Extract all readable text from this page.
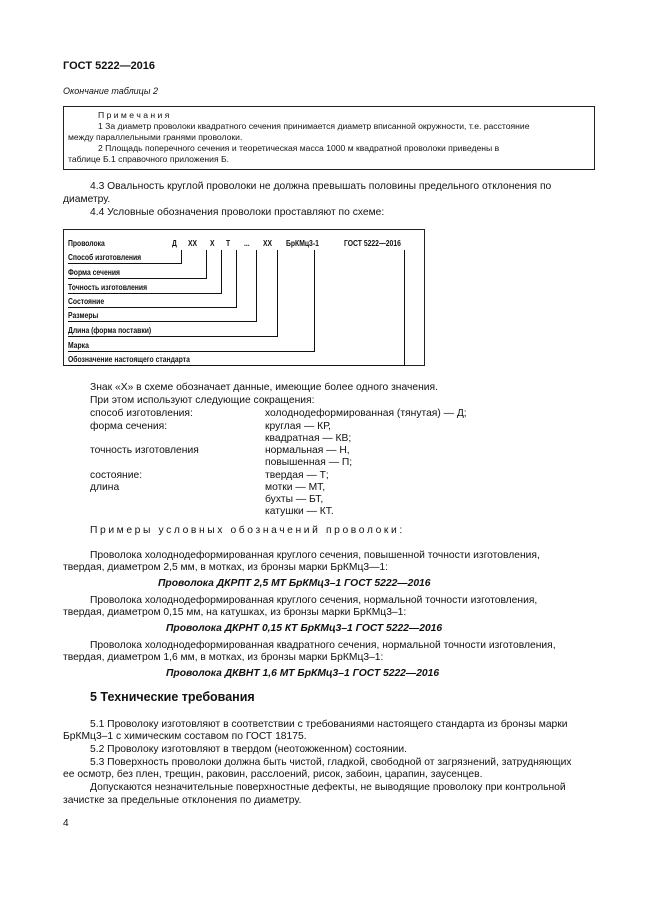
ГОСТ 5222—2016
Окончание таблицы 2
П р и м е ч а н и я
1 За диаметр проволоки квадратного сечения принимается диаметр вписанной окружности, т.е. расстояние
между параллельными гранями проволоки.
2 Площадь поперечного сечения и теоретическая масса 1000 м квадратной проволоки приведены в
таблице Б.1 справочного приложения Б.
4.3 Овальность круглой проволоки не должна превышать половины предельного отклонения по
диаметру.
4.4 Условные обозначения проволоки проставляют по схеме:
Проволока	Д ХХ Х Т ... ХХ БрКМц3-1	ГОСТ 5222—2016
Способ изготовления
Форма сечения
Точность изготовления
Состояние
Размеры
Длина (форма поставки)
Марка
Обозначение настоящего стандарта
Знак «Х» в схеме обозначает данные, имеющие более одного значения.
При этом используют следующие сокращения:
способ изготовления:	холоднодеформированная (тянутая) — Д;
форма сечения:	круглая — КР,
квадратная — КВ;
точность изготовления	нормальная — Н,
повышенная — П;
состояние:	твердая — Т;
длина	мотки — МТ,
бухты — БТ,
катушки — КТ.
Примеры условных обозначений проволоки:
Проволока холоднодеформированная круглого сечения, повышенной точности изготовления,
твердая, диаметром 2,5 мм, в мотках, из бронзы марки БрКМц3—1:
Проволока ДКРПТ 2,5 МТ БрКМц3–1 ГОСТ 5222—2016
Проволока холоднодеформированная круглого сечения, нормальной точности изготовления,
твердая, диаметром 0,15 мм, на катушках, из бронзы марки БрКМц3–1:
Проволока ДКРНТ 0,15 КТ БрКМц3–1 ГОСТ 5222—2016
Проволока холоднодеформированная квадратного сечения, нормальной точности изготовления,
твердая, диаметром 1,6 мм, в мотках, из бронзы марки БрКМц3–1:
Проволока ДКВНТ 1,6 МТ БрКМц3–1 ГОСТ 5222—2016
5 Технические требования
5.1 Проволоку изготовляют в соответствии с требованиями настоящего стандарта из бронзы марки
БрКМц3–1 с химическим составом по ГОСТ 18175.
5.2 Проволоку изготовляют в твердом (неотожженном) состоянии.
5.3 Поверхность проволоки должна быть чистой, гладкой, свободной от загрязнений, затрудняющих
ее осмотр, без плен, трещин, раковин, расслоений, рисок, забоин, царапин, заусенцев.
Допускаются незначительные поверхностные дефекты, не выводящие проволоку при контрольной
зачистке за предельные отклонения по диаметру.
4
